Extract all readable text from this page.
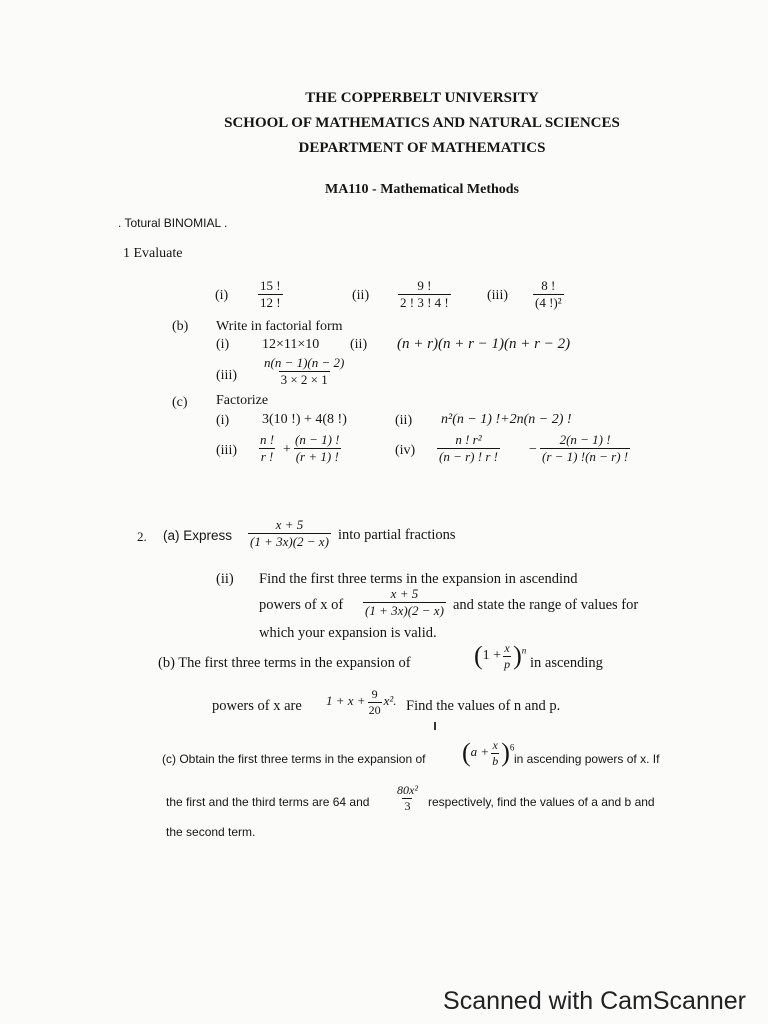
THE COPPERBELT UNIVERSITY
SCHOOL OF MATHEMATICS AND NATURAL SCIENCES
DEPARTMENT OF MATHEMATICS
MA110 - Mathematical Methods
. Totural BINOMIAL .
1 Evaluate
$(i) \frac{15 !}{12 !}$	$(ii) \frac{9 !}{2 ! 3 ! 4 !}$	$(iii) \frac{8 !}{\text{(4 !)²}}$
(b) Write in factorial form
(i) 12×11×10 (ii) (n + r)(n + r − 1)(n + r − 2)
$(iii) \frac{n(n - 1)(n - 2)}{3 \times 2 \times 1}$
(c) Factorize
(i) 3(10 !) + 4(8 !)	(ii) n²(n − 1) !+2n(n − 2) !
$(iii) \frac{n !}{r !} + \frac{(n - 1) !}{(r + 1) !}$	$(iv) \frac{\text{n ! r²}}{(n - r) ! r !} - \frac{2(n - 1) !}{(r - 1) !(n - r) !}$
2. (a) Express $\frac{x + 5}{(1 + 3x)(2 - x)}$ into partial fractions
(ii) Find the first three terms in the expansion in ascendind
powers of x of $\frac{x + 5}{(1 + 3x)(2 - x)}$ and state the range of values for
which your expansion is valid.
(b) The first three terms in the expansion of $(1 + \frac{x}{p} )^n$
in ascending
powers of x are $1 + x + \frac{9}{20} x^2$. Find the values of n and p.
(c) Obtain the first three terms in the expansion of $(a + \frac{x}{b} )^6$
in ascending powers of x. If
the first and the third terms are 64 and $\frac{\text{80x²}}{3}$ respectively, find the values of a and b and
the second term.
Scanned with CamScanner
